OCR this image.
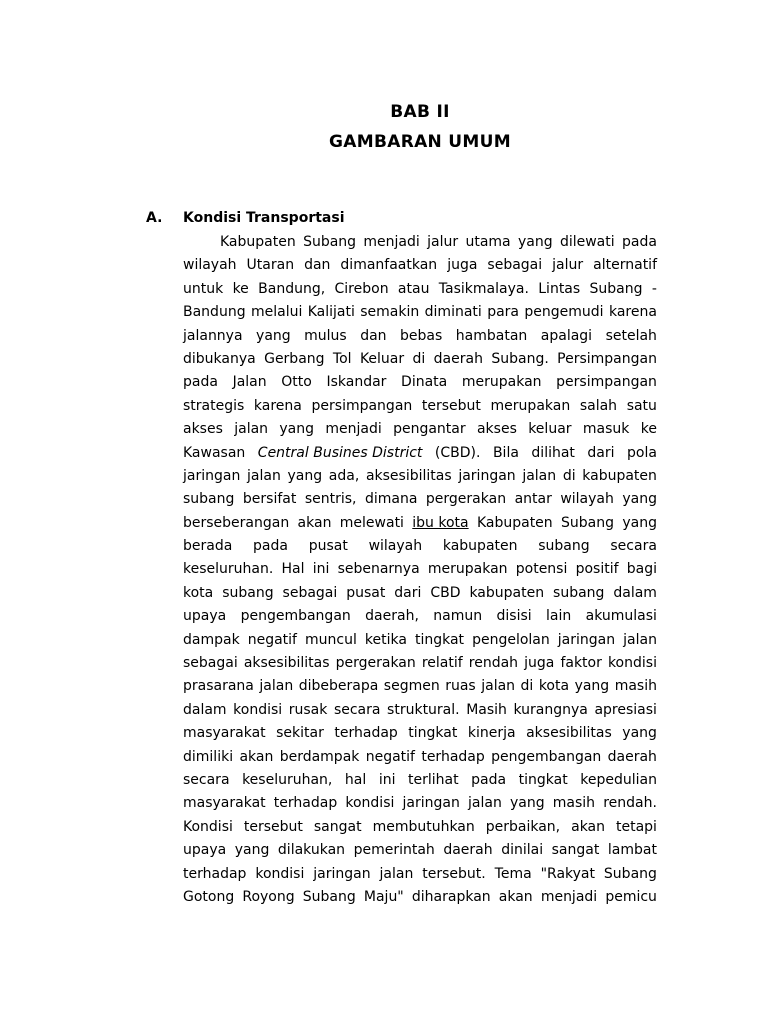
BAB II
GAMBARAN UMUM
A. Kondisi Transportasi
Kabupaten Subang menjadi jalur utama yang dilewati pada
wilayah Utaran dan dimanfaatkan juga sebagai jalur alternatif
untuk ke Bandung, Cirebon atau Tasikmalaya. Lintas Subang -
Bandung melalui Kalijati semakin diminati para pengemudi karena
jalannya yang mulus dan bebas hambatan apalagi setelah
dibukanya Gerbang Tol Keluar di daerah Subang. Persimpangan
pada Jalan Otto Iskandar Dinata merupakan persimpangan
strategis karena persimpangan tersebut merupakan salah satu
akses jalan yang menjadi pengantar akses keluar masuk ke
Kawasan Central Busines District (CBD). Bila dilihat dari pola
jaringan jalan yang ada, aksesibilitas jaringan jalan di kabupaten
subang bersifat sentris, dimana pergerakan antar wilayah yang
berseberangan akan melewati ibu kota Kabupaten Subang yang
berada pada pusat wilayah kabupaten subang secara
keseluruhan. Hal ini sebenarnya merupakan potensi positif bagi
kota subang sebagai pusat dari CBD kabupaten subang dalam
upaya pengembangan daerah, namun disisi lain akumulasi
dampak negatif muncul ketika tingkat pengelolan jaringan jalan
sebagai aksesibilitas pergerakan relatif rendah juga faktor kondisi
prasarana jalan dibeberapa segmen ruas jalan di kota yang masih
dalam kondisi rusak secara struktural. Masih kurangnya apresiasi
masyarakat sekitar terhadap tingkat kinerja aksesibilitas yang
dimiliki akan berdampak negatif terhadap pengembangan daerah
secara keseluruhan, hal ini terlihat pada tingkat kepedulian
masyarakat terhadap kondisi jaringan jalan yang masih rendah.
Kondisi tersebut sangat membutuhkan perbaikan, akan tetapi
upaya yang dilakukan pemerintah daerah dinilai sangat lambat
terhadap kondisi jaringan jalan tersebut. Tema "Rakyat Subang
Gotong Royong Subang Maju" diharapkan akan menjadi pemicu
